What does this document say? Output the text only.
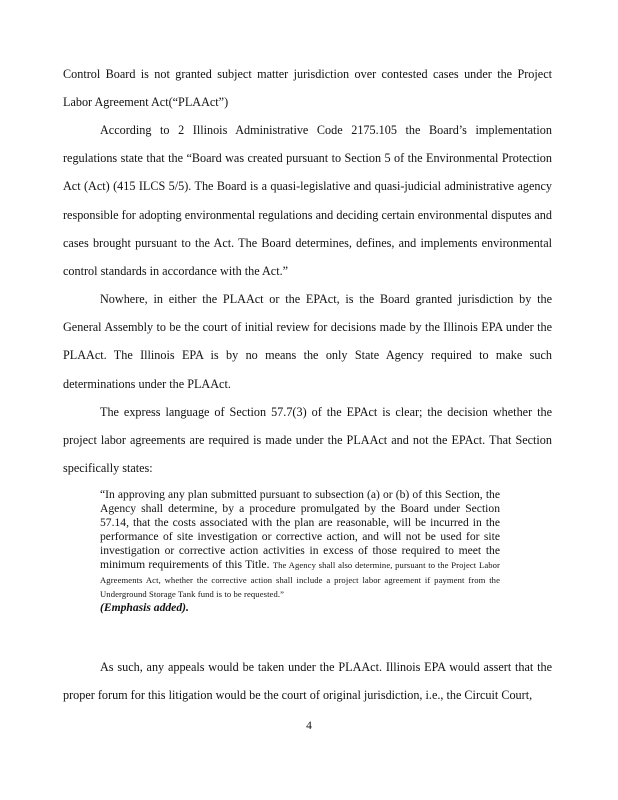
Control Board is not granted subject matter jurisdiction over contested cases under the Project Labor Agreement Act(“PLAAct”)

According to 2 Illinois Administrative Code 2175.105 the Board’s implementation regulations state that the “Board was created pursuant to Section 5 of the Environmental Protection Act (Act) (415 ILCS 5/5). The Board is a quasi-legislative and quasi-judicial administrative agency responsible for adopting environmental regulations and deciding certain environmental disputes and cases brought pursuant to the Act. The Board determines, defines, and implements environmental control standards in accordance with the Act.”

Nowhere, in either the PLAAct or the EPAct, is the Board granted jurisdiction by the General Assembly to be the court of initial review for decisions made by the Illinois EPA under the PLAAct. The Illinois EPA is by no means the only State Agency required to make such determinations under the PLAAct.

The express language of Section 57.7(3) of the EPAct is clear; the decision whether the project labor agreements are required is made under the PLAAct and not the EPAct. That Section specifically states:

“In approving any plan submitted pursuant to subsection (a) or (b) of this Section, the Agency shall determine, by a procedure promulgated by the Board under Section 57.14, that the costs associated with the plan are reasonable, will be incurred in the performance of site investigation or corrective action, and will not be used for site investigation or corrective action activities in excess of those required to meet the minimum requirements of this Title. The Agency shall also determine, pursuant to the Project Labor Agreements Act, whether the corrective action shall include a project labor agreement if payment from the Underground Storage Tank fund is to be requested.”
(Emphasis added).

As such, any appeals would be taken under the PLAAct. Illinois EPA would assert that the proper forum for this litigation would be the court of original jurisdiction, i.e., the Circuit Court,

4
